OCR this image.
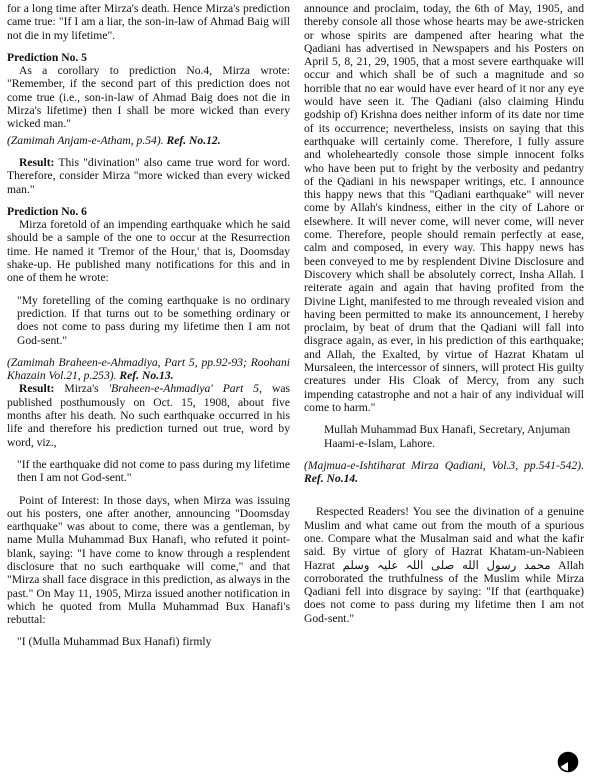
for a long time after Mirza's death. Hence Mirza's prediction came true: "If I am a liar, the son-in-law of Ahmad Baig will not die in my lifetime".

Prediction No. 5

As a corollary to prediction No.4, Mirza wrote: "Remember, if the second part of this prediction does not come true (i.e., son-in-law of Ahmad Baig does not die in Mirza's lifetime) then I shall be more wicked than every wicked man."

(Zamimah Anjam-e-Atham, p.54). Ref. No.12.

Result: This "divination" also came true word for word. Therefore, consider Mirza "more wicked than every wicked man."

Prediction No. 6

Mirza foretold of an impending earthquake which he said should be a sample of the one to occur at the Resurrection time. He named it 'Tremor of the Hour,' that is, Doomsday shake-up. He published many notifications for this and in one of them he wrote:

"My foretelling of the coming earthquake is no ordinary prediction. If that turns out to be something ordinary or does not come to pass during my lifetime then I am not God-sent."

(Zamimah Braheen-e-Ahmadiya, Part 5, pp.92-93; Roohani Khazain Vol.21, p.253). Ref. No.13.

Result: Mirza's 'Braheen-e-Ahmadiya' Part 5, was published posthumously on Oct. 15, 1908, about five months after his death. No such earthquake occurred in his life and therefore his prediction turned out true, word by word, viz.,

"If the earthquake did not come to pass during my lifetime then I am not God-sent."

Point of Interest: In those days, when Mirza was issuing out his posters, one after another, announcing "Doomsday earthquake" was about to come, there was a gentleman, by name Mulla Muhammad Bux Hanafi, who refuted it point-blank, saying: "I have come to know through a resplendent disclosure that no such earthquake will come," and that "Mirza shall face disgrace in this prediction, as always in the past." On May 11, 1905, Mirza issued another notification in which he quoted from Mulla Muhammad Bux Hanafi's rebuttal:

"I (Mulla Muhammad Bux Hanafi) firmly

announce and proclaim, today, the 6th of May, 1905, and thereby console all those whose hearts may be awe-stricken or whose spirits are dampened after hearing what the Qadiani has advertised in Newspapers and his Posters on April 5, 8, 21, 29, 1905, that a most severe earthquake will occur and which shall be of such a magnitude and so horrible that no ear would have ever heard of it nor any eye would have seen it. The Qadiani (also claiming Hindu godship of) Krishna does neither inform of its date nor time of its occurrence; nevertheless, insists on saying that this earthquake will certainly come. Therefore, I fully assure and wholeheartedly console those simple innocent folks who have been put to fright by the verbosity and pedantry of the Qadiani in his newspaper writings, etc. I announce this happy news that this "Qadiani earthquake" will never come by Allah's kindness, either in the city of Lahore or elsewhere. It will never come, will never come, will never come. Therefore, people should remain perfectly at ease, calm and composed, in every way. This happy news has been conveyed to me by resplendent Divine Disclosure and Discovery which shall be absolutely correct, Insha Allah. I reiterate again and again that having profited from the Divine Light, manifested to me through revealed vision and having been permitted to make its announcement, I hereby proclaim, by beat of drum that the Qadiani will fall into disgrace again, as ever, in his prediction of this earthquake; and Allah, the Exalted, by virtue of Hazrat Khatam ul Mursaleen, the intercessor of sinners, will protect His guilty creatures under His Cloak of Mercy, from any such impending catastrophe and not a hair of any individual will come to harm."

Mullah Muhammad Bux Hanafi, Secretary, Anjuman Haami-e-Islam, Lahore.

(Majmua-e-Ishtiharat Mirza Qadiani, Vol.3, pp.541-542). Ref. No.14.

Respected Readers! You see the divination of a genuine Muslim and what came out from the mouth of a spurious one. Compare what the Musalman said and what the kafir said. By virtue of glory of Hazrat Khatam-un-Nabieen Hazrat محمد رسول الله صلی اللہ علیہ وسلم Allah corroborated the truthfulness of the Muslim while Mirza Qadiani fell into disgrace by saying: "If that (earthquake) does not come to pass during my lifetime then I am not God-sent."
